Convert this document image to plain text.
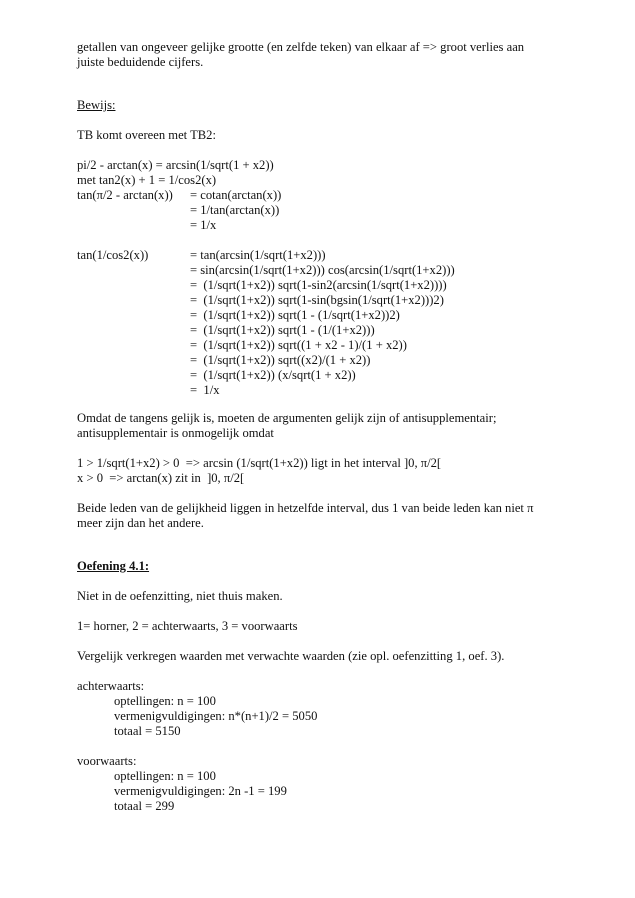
getallen van ongeveer gelijke grootte (en zelfde teken) van elkaar af => groot verlies aan
juiste beduidende cijfers.
Bewijs:
TB komt overeen met TB2:
pi/2 - arctan(x) = arcsin(1/sqrt(1 + x2))
met tan2(x) + 1 = 1/cos2(x)
tan(π/2 - arctan(x)) = cotan(arctan(x))
= 1/tan(arctan(x))
= 1/x
tan(1/cos2(x))	= tan(arcsin(1/sqrt(1+x2)))
= sin(arcsin(1/sqrt(1+x2))) cos(arcsin(1/sqrt(1+x2)))
=  (1/sqrt(1+x2)) sqrt(1-sin2(arcsin(1/sqrt(1+x2))))
=  (1/sqrt(1+x2)) sqrt(1-sin(bgsin(1/sqrt(1+x2)))2)
=  (1/sqrt(1+x2)) sqrt(1 - (1/sqrt(1+x2))2)
=  (1/sqrt(1+x2)) sqrt(1 - (1/(1+x2)))
=  (1/sqrt(1+x2)) sqrt((1 + x2 - 1)/(1 + x2))
=  (1/sqrt(1+x2)) sqrt((x2)/(1 + x2))
=  (1/sqrt(1+x2)) (x/sqrt(1 + x2))
=  1/x
Omdat de tangens gelijk is, moeten de argumenten gelijk zijn of antisupplementair;
antisupplementair is onmogelijk omdat
1 > 1/sqrt(1+x2) > 0  => arcsin (1/sqrt(1+x2)) ligt in het interval ]0, π/2[
x > 0  => arctan(x) zit in  ]0, π/2[
Beide leden van de gelijkheid liggen in hetzelfde interval, dus 1 van beide leden kan niet π
meer zijn dan het andere.
Oefening 4.1:
Niet in de oefenzitting, niet thuis maken.
1= horner, 2 = achterwaarts, 3 = voorwaarts
Vergelijk verkregen waarden met verwachte waarden (zie opl. oefenzitting 1, oef. 3).
achterwaarts:
optellingen: n = 100
vermenigvuldigingen: n*(n+1)/2 = 5050
totaal = 5150
voorwaarts:
optellingen: n = 100
vermenigvuldigingen: 2n -1 = 199
totaal = 299
